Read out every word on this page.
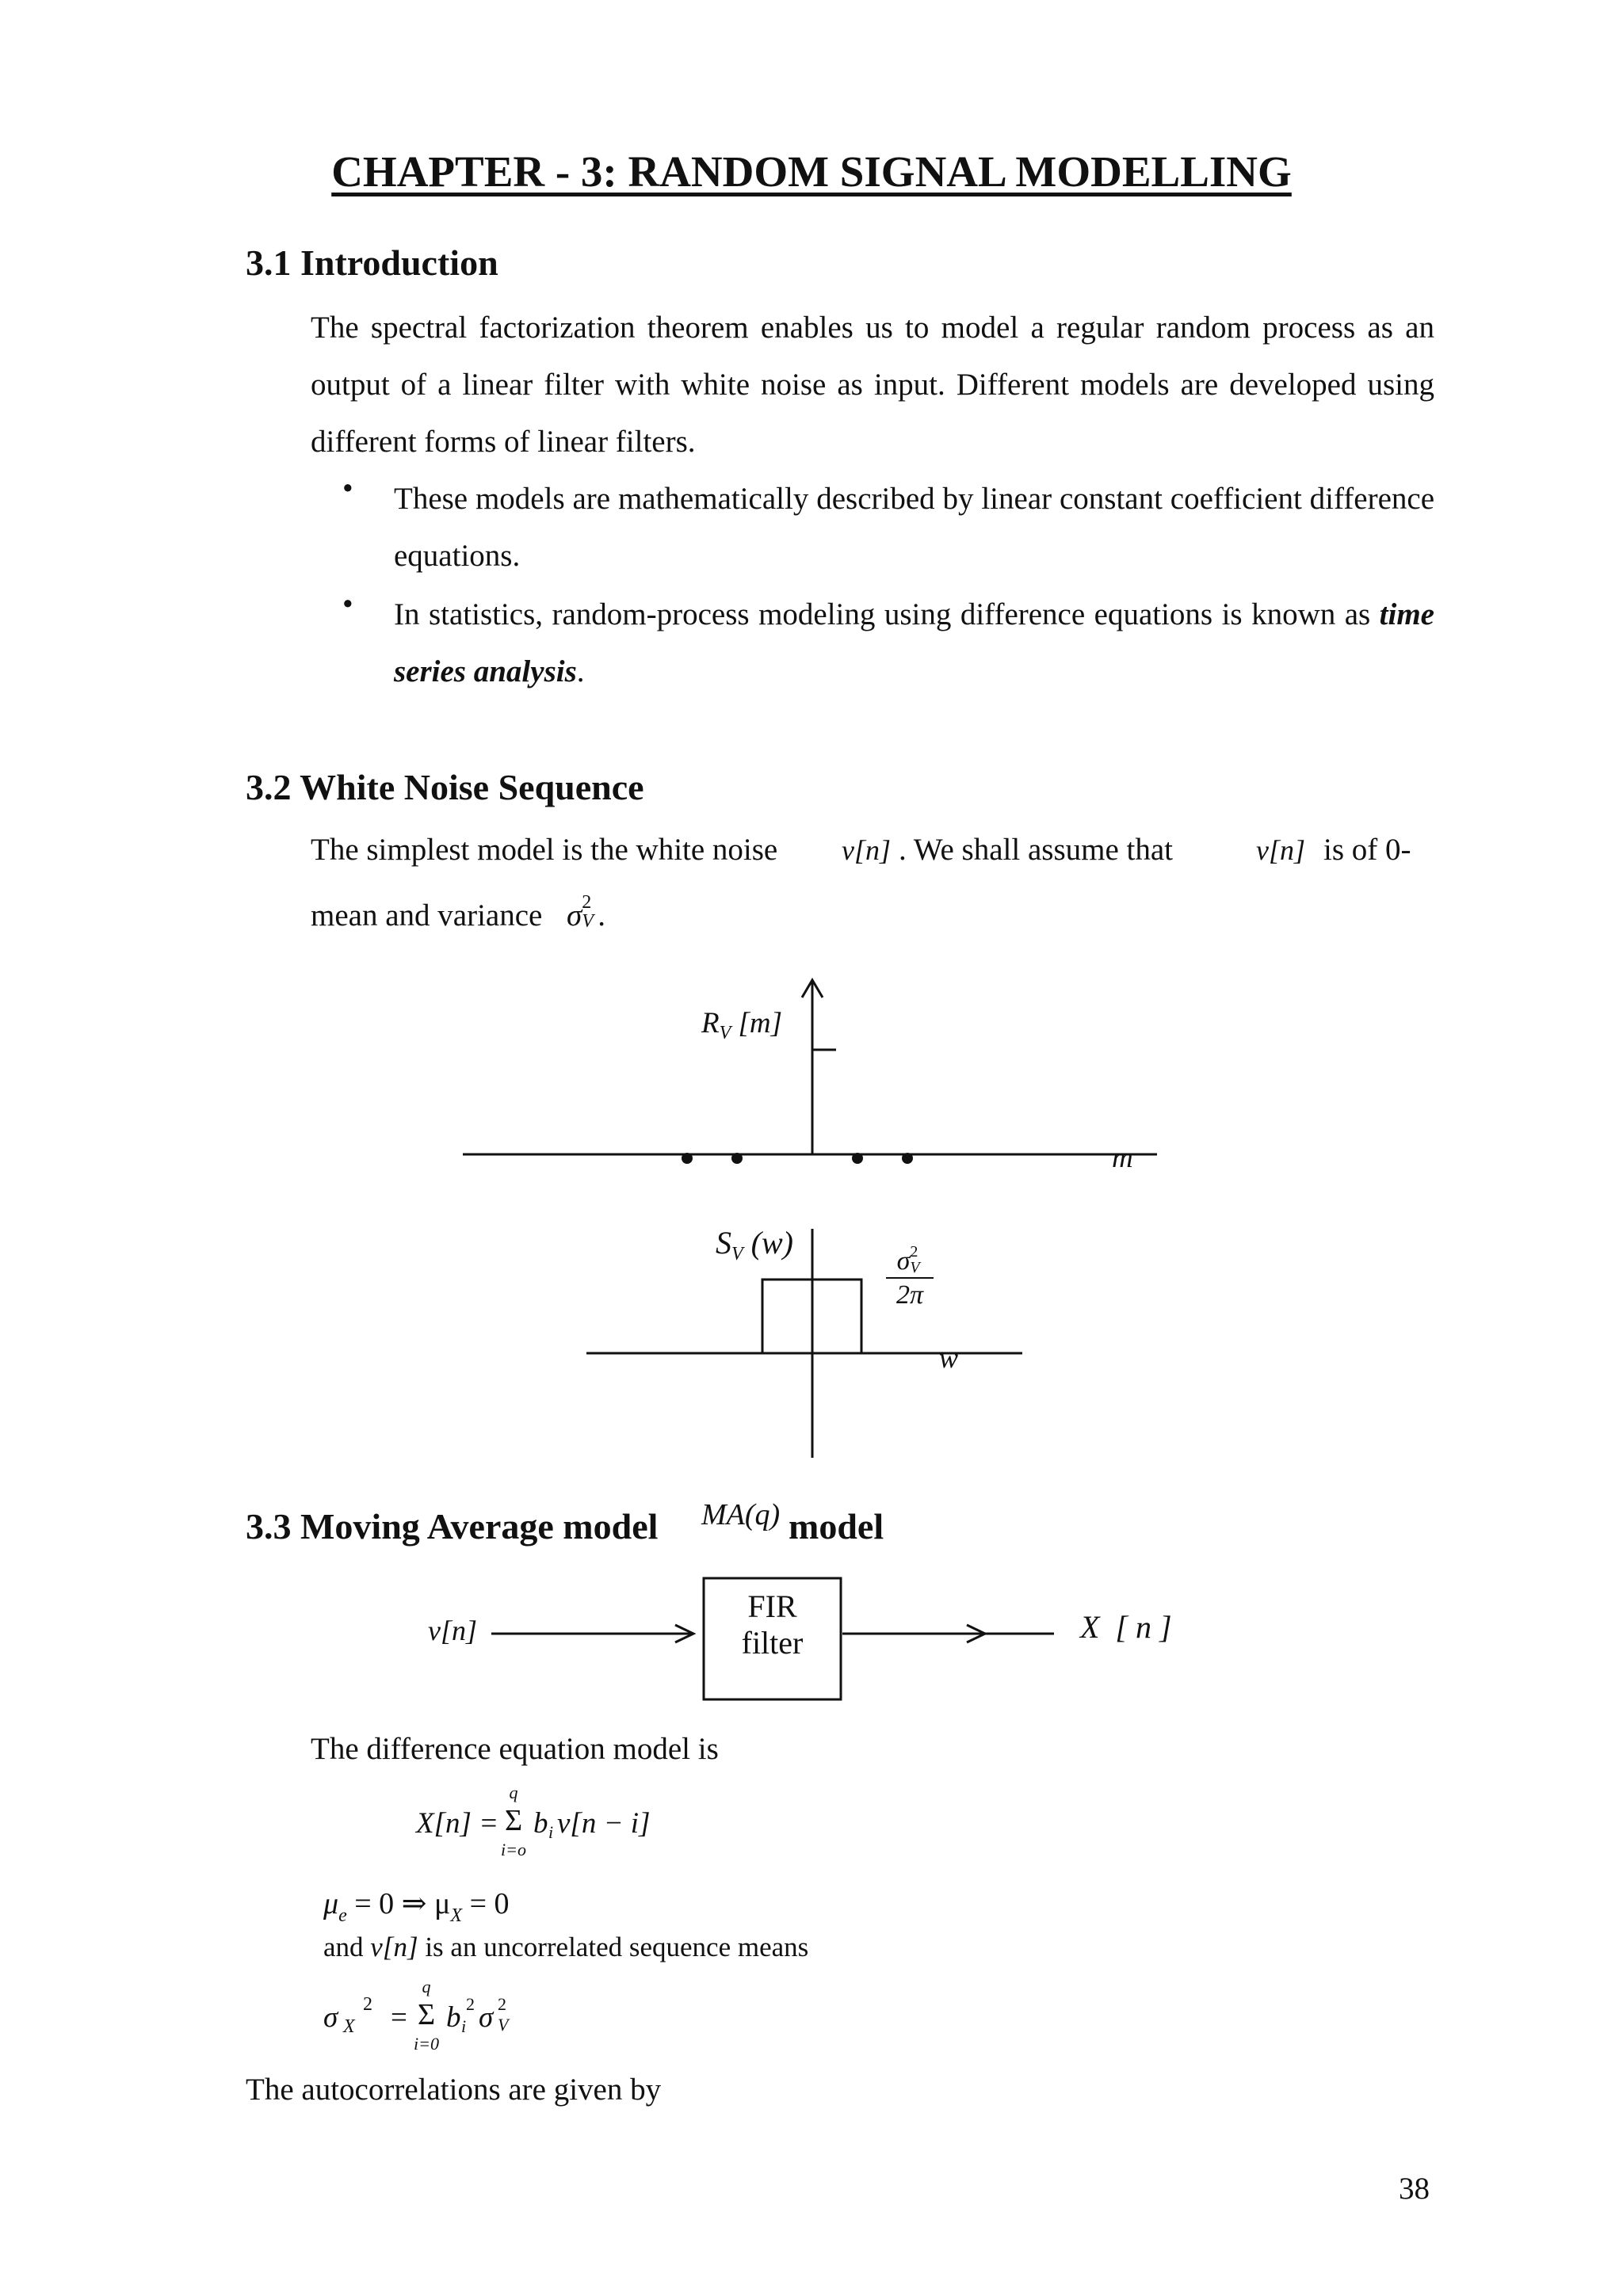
CHAPTER - 3: RANDOM SIGNAL MODELLING
3.1 Introduction
The spectral factorization theorem enables us to model a regular random process as an output of a linear filter with white noise as input. Different models are developed using different forms of linear filters.
• These models are mathematically described by linear constant coefficient difference equations.
• In statistics, random-process modeling using difference equations is known as time series analysis.
3.2 White Noise Sequence
The simplest model is the white noise v[n] . We shall assume that	v[n] is of 0-
mean and variance σ 2
V .
$R_V$ [m]
m
$S_V$ (w)
σ 2
V
2π
w
3.3 Moving Average model MA(q) model
v[n]
FIR
filter	X  [ n ]
The difference equation model is
X[n] =
q
Σ
i=o
b i v[n − i]
$\mu_e = 0$ ⇒ $\mu_X = 0$
and v[n] is an uncorrelated sequence means
σ X
2 =
q
Σ
i=0
b i
2 σ 2
V
The autocorrelations are given by
38
